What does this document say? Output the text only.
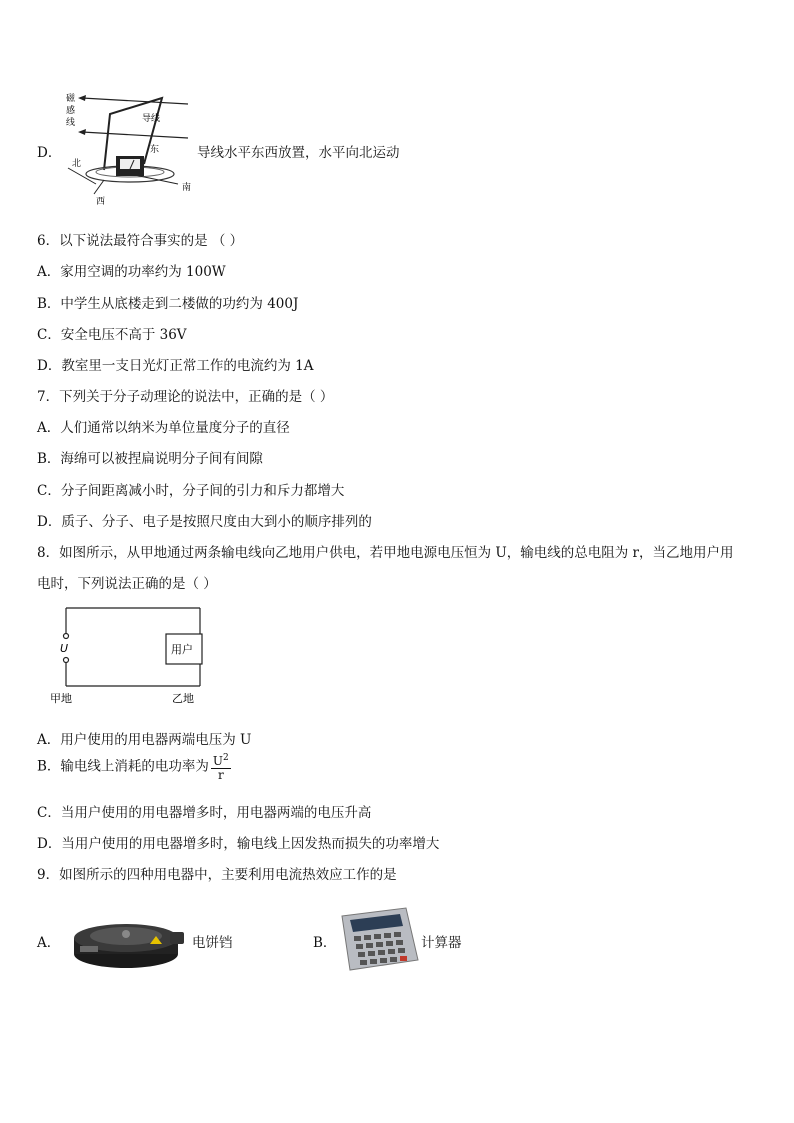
D．
磁
感
线	导线
北
东
南
西
导线水平东西放置，水平向北运动
6．以下说法最符合事实的是 （ ）
A．家用空调的功率约为 100W
B．中学生从底楼走到二楼做的功约为 400J
C．安全电压不高于 36V
D．教室里一支日光灯正常工作的电流约为 1A
7．下列关于分子动理论的说法中，正确的是（ ）
A．人们通常以纳米为单位量度分子的直径
B．海绵可以被捏扁说明分子间有间隙
C．分子间距离减小时，分子间的引力和斥力都增大
D．质子、分子、电子是按照尺度由大到小的顺序排列的
8．如图所示，从甲地通过两条输电线向乙地用户供电，若甲地电源电压恒为 U，输电线的总电阻为 r，当乙地用户用
电时，下列说法正确的是（ ）
U	用户
甲地	乙地
A．用户使用的用电器两端电压为 U
B．输电线上消耗的电功率为 $\frac{U^2}{r}$
C．当用户使用的用电器增多时，用电器两端的电压升高
D．当用户使用的用电器增多时，输电线上因发热而损失的功率增大
9．如图所示的四种用电器中，主要利用电流热效应工作的是
A．	电饼铛	B．	计算器
